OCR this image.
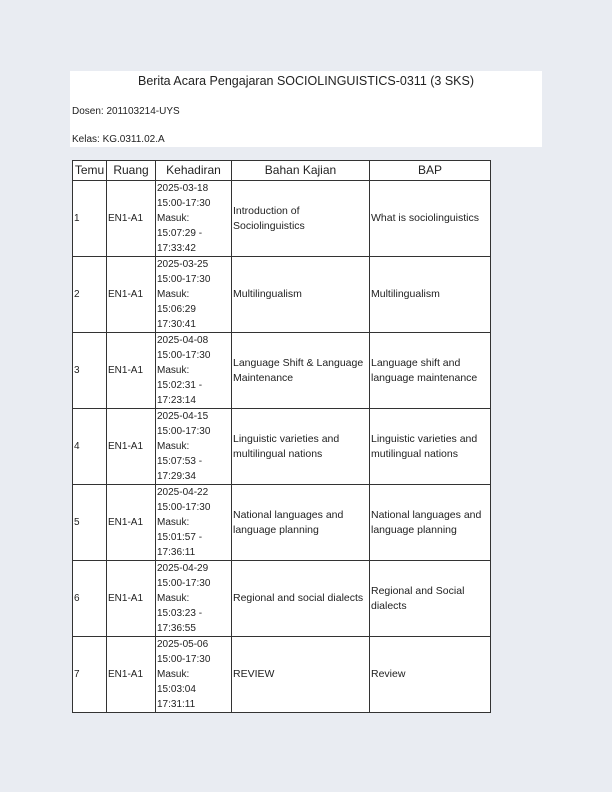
Berita Acara Pengajaran SOCIOLINGUISTICS-0311 (3 SKS)
Dosen: 201103214-UYS
Kelas: KG.0311.02.A
Temu	Ruang	Kehadiran	Bahan Kajian	BAP
1	EN1-A1	2025-03-18
15:00-17:30
Masuk:
15:07:29 -
17:33:42	Introduction of Sociolinguistics	What is sociolinguistics
2	EN1-A1	2025-03-25
15:00-17:30
Masuk:
15:06:29
17:30:41	Multilingualism	Multilingualism
3	EN1-A1	2025-04-08
15:00-17:30
Masuk:
15:02:31 -
17:23:14	Language Shift & Language Maintenance	Language shift and language maintenance
4	EN1-A1	2025-04-15
15:00-17:30
Masuk:
15:07:53 -
17:29:34	Linguistic varieties and multilingual nations	Linguistic varieties and mutilingual nations
5	EN1-A1	2025-04-22
15:00-17:30
Masuk:
15:01:57 -
17:36:11	National languages and language planning	National languages and language planning
6	EN1-A1	2025-04-29
15:00-17:30
Masuk:
15:03:23 -
17:36:55	Regional and social dialects	Regional and Social dialects
7	EN1-A1	2025-05-06
15:00-17:30
Masuk:
15:03:04
17:31:11	REVIEW	Review
